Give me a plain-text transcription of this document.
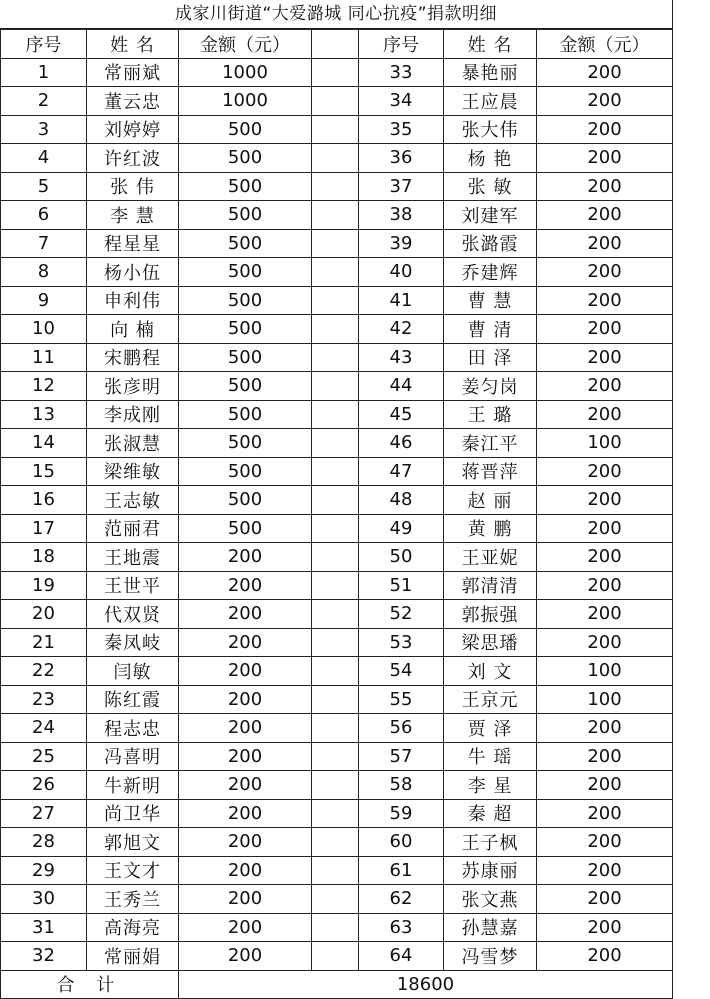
成家川街道“大爱潞城 同心抗疫”捐款明细
序号	姓 名	金额（元）		序号	姓 名	金额（元）
1	常丽斌	1000		33	暴艳丽	200
2	董云忠	1000		34	王应晨	200
3	刘婷婷	500		35	张大伟	200
4	许红波	500		36	杨 艳	200
5	张 伟	500		37	张 敏	200
6	李 慧	500		38	刘建军	200
7	程星星	500		39	张潞霞	200
8	杨小伍	500		40	乔建辉	200
9	申利伟	500		41	曹 慧	200
10	向 楠	500		42	曹 清	200
11	宋鹏程	500		43	田 泽	200
12	张彦明	500		44	姜匀岗	200
13	李成刚	500		45	王 璐	200
14	张淑慧	500		46	秦江平	100
15	梁维敏	500		47	蒋晋萍	200
16	王志敏	500		48	赵 丽	200
17	范丽君	500		49	黄 鹏	200
18	王地震	200		50	王亚妮	200
19	王世平	200		51	郭清清	200
20	代双贤	200		52	郭振强	200
21	秦凤岐	200		53	梁思璠	200
22	闫敏	200		54	刘 文	100
23	陈红霞	200		55	王京元	100
24	程志忠	200		56	贾 泽	200
25	冯喜明	200		57	牛 瑶	200
26	牛新明	200		58	李 星	200
27	尚卫华	200		59	秦 超	200
28	郭旭文	200		60	王子枫	200
29	王文才	200		61	苏康丽	200
30	王秀兰	200		62	张文燕	200
31	高海亮	200		63	孙慧嘉	200
32	常丽娟	200		64	冯雪梦	200
合 计		18600				
